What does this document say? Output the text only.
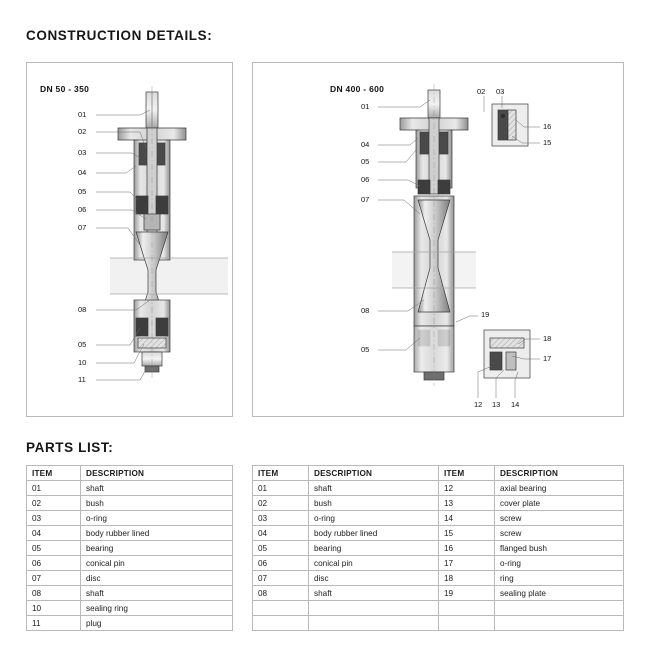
CONSTRUCTION DETAILS:
DN 50 - 350	DN 400 - 600
01
02
03
04
05
06
07
08
05
10
11
01
04
05
06
07
08
05
02 03
16
15
19
18
17
12 13 14
PARTS LIST:
ITEM	DESCRIPTION
01	shaft
02	bush
03	o-ring
04	body rubber lined
05	bearing
06	conical pin
07	disc
08	shaft
10	sealing ring
11	plug
ITEM	DESCRIPTION	ITEM	DESCRIPTION
01	shaft	12	axial bearing
02	bush	13	cover plate
03	o-ring	14	screw
04	body rubber lined	15	screw
05	bearing	16	flanged bush
06	conical pin	17	o-ring
07	disc	18	ring
08	shaft	19	sealing plate
